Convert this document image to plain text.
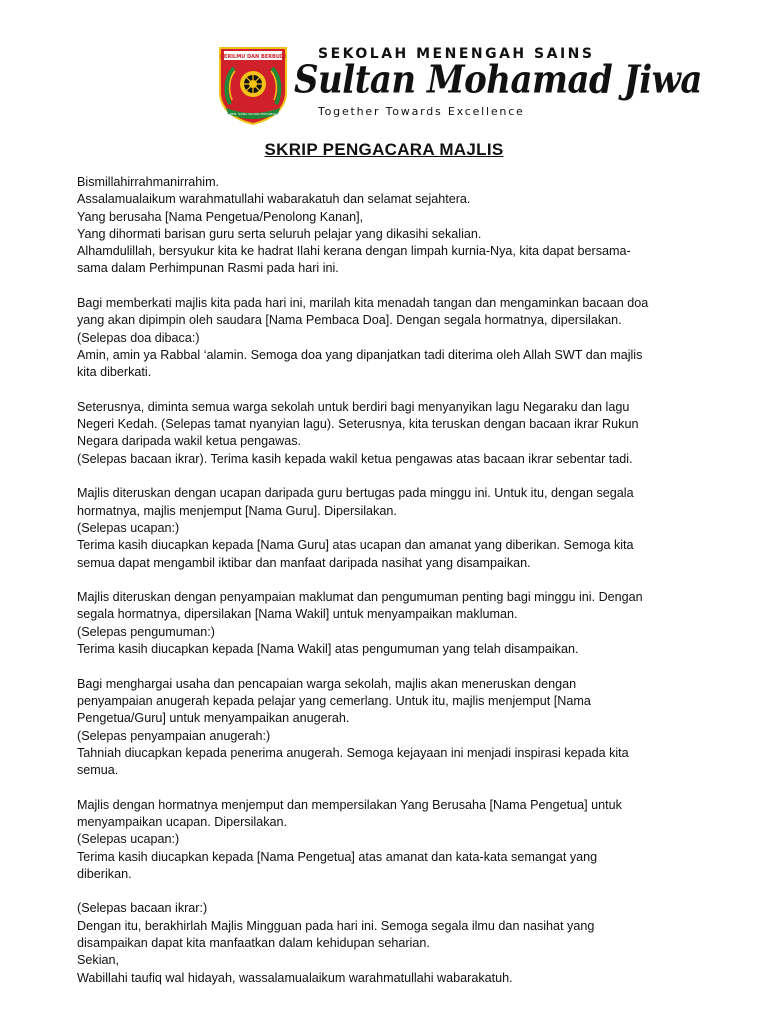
BERILMU DAN BERBUDI
SEK. MEN. SAINS SULTAN MOHAMAD JIWA
SEKOLAH MENENGAH SAINS
Sultan Mohamad Jiwa
Together Towards Excellence
SKRIP PENGACARA MAJLIS

Bismillahirrahmanirrahim.
Assalamualaikum warahmatullahi wabarakatuh dan selamat sejahtera.
Yang berusaha [Nama Pengetua/Penolong Kanan],
Yang dihormati barisan guru serta seluruh pelajar yang dikasihi sekalian.
Alhamdulillah, bersyukur kita ke hadrat Ilahi kerana dengan limpah kurnia-Nya, kita dapat bersama-
sama dalam Perhimpunan Rasmi pada hari ini.

Bagi memberkati majlis kita pada hari ini, marilah kita menadah tangan dan mengaminkan bacaan doa
yang akan dipimpin oleh saudara [Nama Pembaca Doa]. Dengan segala hormatnya, dipersilakan.
(Selepas doa dibaca:)
Amin, amin ya Rabbal ‘alamin. Semoga doa yang dipanjatkan tadi diterima oleh Allah SWT dan majlis
kita diberkati.

Seterusnya, diminta semua warga sekolah untuk berdiri bagi menyanyikan lagu Negaraku dan lagu
Negeri Kedah. (Selepas tamat nyanyian lagu). Seterusnya, kita teruskan dengan bacaan ikrar Rukun
Negara daripada wakil ketua pengawas.
(Selepas bacaan ikrar). Terima kasih kepada wakil ketua pengawas atas bacaan ikrar sebentar tadi.

Majlis diteruskan dengan ucapan daripada guru bertugas pada minggu ini. Untuk itu, dengan segala
hormatnya, majlis menjemput [Nama Guru]. Dipersilakan.
(Selepas ucapan:)
Terima kasih diucapkan kepada [Nama Guru] atas ucapan dan amanat yang diberikan. Semoga kita
semua dapat mengambil iktibar dan manfaat daripada nasihat yang disampaikan.

Majlis diteruskan dengan penyampaian maklumat dan pengumuman penting bagi minggu ini. Dengan
segala hormatnya, dipersilakan [Nama Wakil] untuk menyampaikan makluman.
(Selepas pengumuman:)
Terima kasih diucapkan kepada [Nama Wakil] atas pengumuman yang telah disampaikan.

Bagi menghargai usaha dan pencapaian warga sekolah, majlis akan meneruskan dengan
penyampaian anugerah kepada pelajar yang cemerlang. Untuk itu, majlis menjemput [Nama
Pengetua/Guru] untuk menyampaikan anugerah.
(Selepas penyampaian anugerah:)
Tahniah diucapkan kepada penerima anugerah. Semoga kejayaan ini menjadi inspirasi kepada kita
semua.

Majlis dengan hormatnya menjemput dan mempersilakan Yang Berusaha [Nama Pengetua] untuk
menyampaikan ucapan. Dipersilakan.
(Selepas ucapan:)
Terima kasih diucapkan kepada [Nama Pengetua] atas amanat dan kata-kata semangat yang
diberikan.

(Selepas bacaan ikrar:)
Dengan itu, berakhirlah Majlis Mingguan pada hari ini. Semoga segala ilmu dan nasihat yang
disampaikan dapat kita manfaatkan dalam kehidupan seharian.
Sekian,
Wabillahi taufiq wal hidayah, wassalamualaikum warahmatullahi wabarakatuh.
